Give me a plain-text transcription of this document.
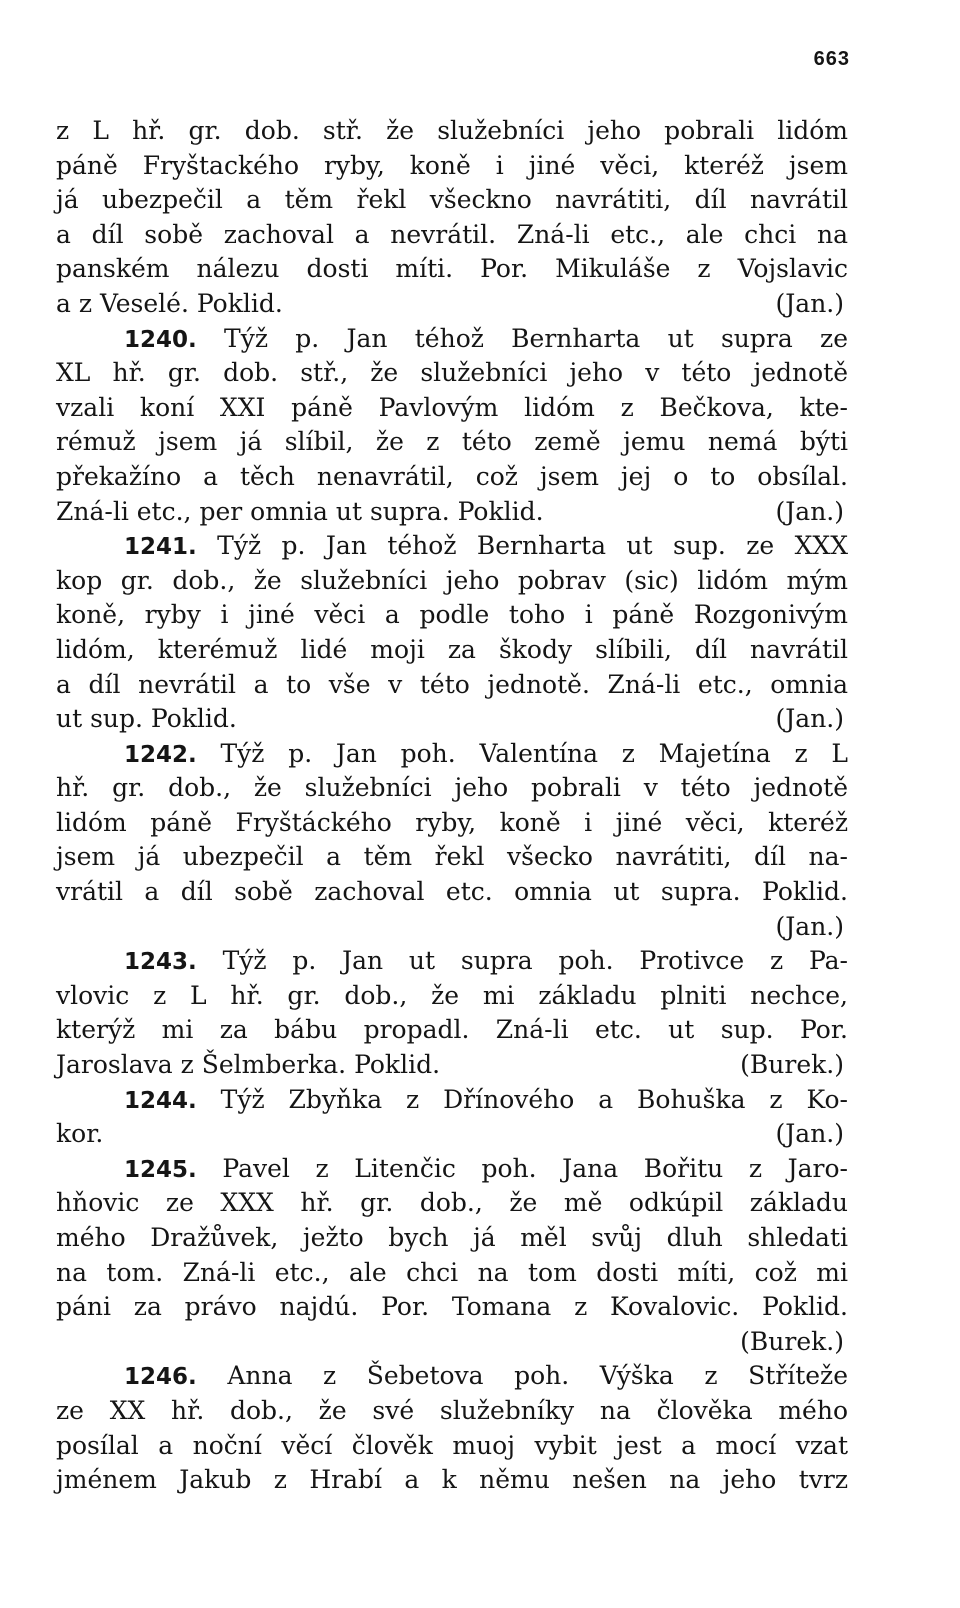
663
z L hř. gr. dob. stř. že služebníci jeho pobrali lidóm
páně Fryštackého ryby, koně i jiné věci, kteréž jsem
já ubezpečil a těm řekl všeckno navrátiti, díl navrátil
a díl sobě zachoval a nevrátil. Zná-li etc., ale chci na
panském nálezu dosti míti. Por. Mikuláše z Vojslavic
a z Veselé. Poklid.	(Jan.)
1240. Týž p. Jan téhož Bernharta ut supra ze
XL hř. gr. dob. stř., že služebníci jeho v této jednotě
vzali koní XXI páně Pavlovým lidóm z Bečkova, kte-
rémuž jsem já slíbil, že z této země jemu nemá býti
překažíno a těch nenavrátil, což jsem jej o to obsílal.
Zná-li etc., per omnia ut supra. Poklid.	(Jan.)
1241. Týž p. Jan téhož Bernharta ut sup. ze XXX
kop gr. dob., že služebníci jeho pobrav (sic) lidóm mým
koně, ryby i jiné věci a podle toho i páně Rozgonivým
lidóm, kterémuž lidé moji za škody slíbili, díl navrátil
a díl nevrátil a to vše v této jednotě. Zná-li etc., omnia
ut sup. Poklid.	(Jan.)
1242. Týž p. Jan poh. Valentína z Majetína z L
hř. gr. dob., že služebníci jeho pobrali v této jednotě
lidóm páně Fryštáckého ryby, koně i jiné věci, kteréž
jsem já ubezpečil a těm řekl všecko navrátiti, díl na-
vrátil a díl sobě zachoval etc. omnia ut supra. Poklid.
(Jan.)
1243. Týž p. Jan ut supra poh. Protivce z Pa-
vlovic z L hř. gr. dob., že mi základu plniti nechce,
kterýž mi za bábu propadl. Zná-li etc. ut sup. Por.
Jaroslava z Šelmberka. Poklid.	(Burek.)
1244. Týž Zbyňka z Dřínového a Bohuška z Ko-
kor.	(Jan.)
1245. Pavel z Litenčic poh. Jana Bořitu z Jaro-
hňovic ze XXX hř. gr. dob., že mě odkúpil základu
mého Dražůvek, ježto bych já měl svůj dluh shledati
na tom. Zná-li etc., ale chci na tom dosti míti, což mi
páni za právo najdú. Por. Tomana z Kovalovic. Poklid.
(Burek.)
1246. Anna z Šebetova poh. Výška z Stříteže
ze XX hř. dob., že své služebníky na člověka mého
posílal a noční věcí člověk muoj vybit jest a mocí vzat
jménem Jakub z Hrabí a k němu nešen na jeho tvrz
